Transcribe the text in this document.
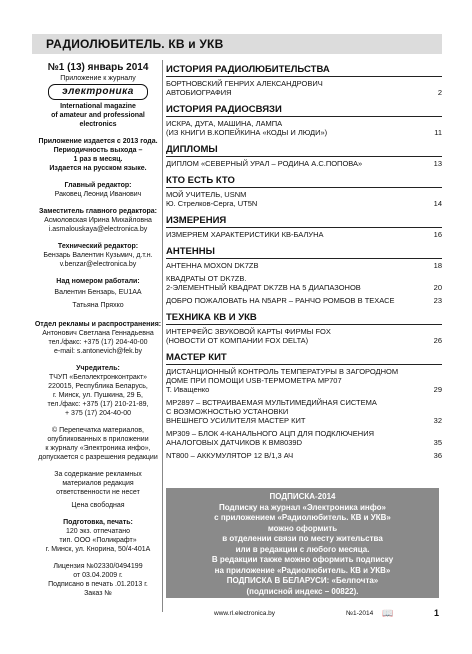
РАДИОЛЮБИТЕЛЬ. КВ и УКВ
№1 (13) январь 2014
Приложение к журналу
электроника
International magazine
of amateur and professional electronics
Приложение издается с 2013 года.
Периодичность выхода –
1 раз в месяц.
Издается на русском языке.
Главный редактор:
Раковец Леонид Иванович
Заместитель главного редактора:
Асмоловская Ирина Михайловна
i.asmalouskaya@electronica.by
Технический редактор:
Бензарь Валентин Кузьмич, д.т.н.
v.benzar@electronica.by
Над номером работали:
Валентин Бензарь, EU1AA
Татьяна Пряхко
Отдел рекламы и распространения:
Антонович Светлана Геннадьевна
тел./факс: +375 (17) 204-40-00
e-mail: s.antonevich@fek.by
Учредитель:
ТЧУП «Белэлектронконтракт»
220015, Республика Беларусь,
г. Минск, ул. Пушкина, 29 Б,
тел./факс: +375 (17) 210-21-89,
+ 375 (17) 204-40-00
© Перепечатка материалов,
опубликованных в приложении
к журналу «Электроника инфо»,
допускается с разрешения редакции
За содержание рекламных
материалов редакция
ответственности не несет
Цена свободная
Подготовка, печать:
120 экз. отпечатано
тип. ООО «Поликрафт»
г. Минск, ул. Кнорина, 50/4-401А
Лицензия №02330/0494199
от 03.04.2009 г.
Подписано в печать .01.2013 г.
Заказ №
ИСТОРИЯ РАДИОЛЮБИТЕЛЬСТВА
БОРТНОВСКИЙ ГЕНРИХ АЛЕКСАНДРОВИЧ
АВТОБИОГРАФИЯ	2
ИСТОРИЯ РАДИОСВЯЗИ
ИСКРА, ДУГА, МАШИНА, ЛАМПА
(ИЗ КНИГИ В.КОПЕЙКИНА «КОДЫ И ЛЮДИ»)	11
ДИПЛОМЫ
ДИПЛОМ «СЕВЕРНЫЙ УРАЛ – РОДИНА А.С.ПОПОВА»	13
КТО ЕСТЬ КТО
МОЙ УЧИТЕЛЬ, USNM
Ю. Стрелков-Серга, UT5N	14
ИЗМЕРЕНИЯ
ИЗМЕРЯЕМ ХАРАКТЕРИСТИКИ КВ-БАЛУНА	16
АНТЕННЫ
АНТЕННА MOXON DK7ZB	18
КВАДРАТЫ ОТ DK7ZB.
2-ЭЛЕМЕНТНЫЙ КВАДРАТ DK7ZB НА 5 ДИАПАЗОНОВ	20
ДОБРО ПОЖАЛОВАТЬ НА N5APR – РАНЧО РОМБОВ В ТЕХАСЕ	23
ТЕХНИКА КВ И УКВ
ИНТЕРФЕЙС ЗВУКОВОЙ КАРТЫ ФИРМЫ FOX
(НОВОСТИ ОТ КОМПАНИИ FOX DELTA)	26
МАСТЕР КИТ
ДИСТАНЦИОННЫЙ КОНТРОЛЬ ТЕМПЕРАТУРЫ В ЗАГОРОДНОМ
ДОМЕ ПРИ ПОМОЩИ USB-ТЕРМОМЕТРА MP707
Т. Иващенко	29
MP2897 – ВСТРАИВАЕМАЯ МУЛЬТИМЕДИЙНАЯ СИСТЕМА
С ВОЗМОЖНОСТЬЮ УСТАНОВКИ
ВНЕШНЕГО УСИЛИТЕЛЯ МАСТЕР КИТ	32
MP309 – БЛОК 4-КАНАЛЬНОГО АЦП ДЛЯ ПОДКЛЮЧЕНИЯ
АНАЛОГОВЫХ ДАТЧИКОВ К BM8039D	35
NT800 – АККУМУЛЯТОР 12 В/1,3 АЧ	36
ПОДПИСКА-2014
Подписку на журнал «Электроника инфо»
с приложением «Радиолюбитель. КВ и УКВ»
можно оформить
в отделении связи по месту жительства
или в редакции с любого месяца.
В редакции также можно оформить подписку
на приложение «Радиолюбитель. КВ и УКВ»
ПОДПИСКА В БЕЛАРУСИ: «Белпочта»
(подписной индекс – 00822).
www.rl.electronica.by	№1-2014 📖	1
